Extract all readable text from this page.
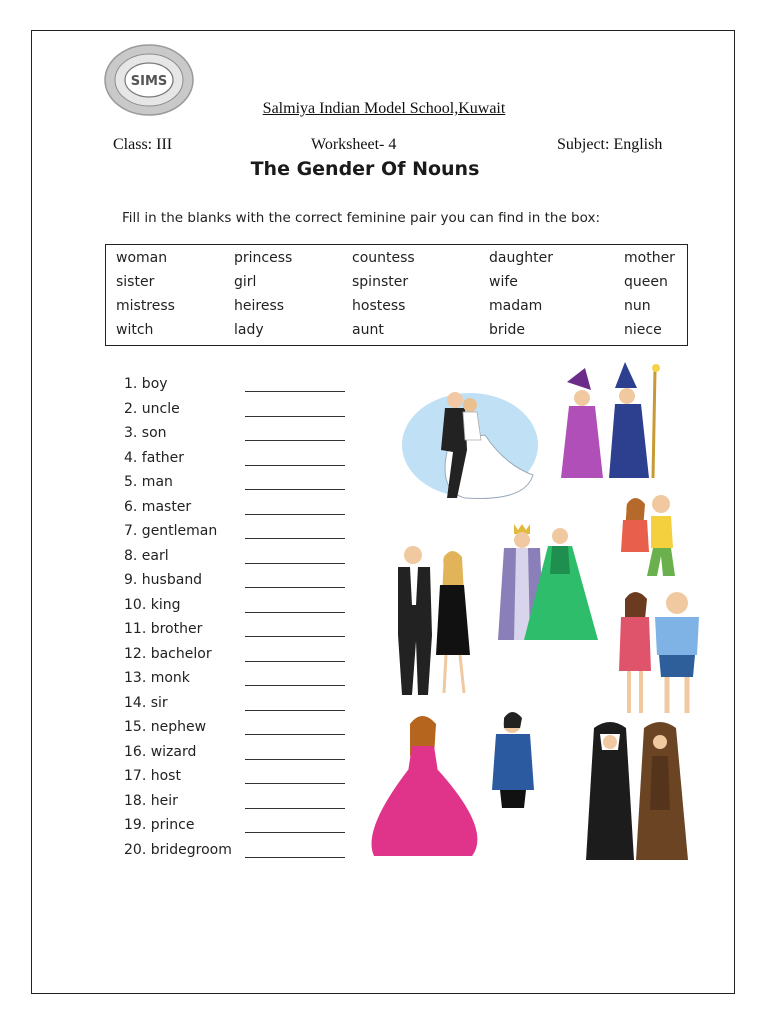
SIMS
Salmiya Indian Model School,Kuwait
Class: III	Worksheet- 4	Subject: English
The Gender Of Nouns
Fill in the blanks with the correct feminine pair you can find in the box:
woman	princess	countess	daughter	mother
sister	girl	spinster	wife	queen
mistress	heiress	hostess	madam	nun
witch	lady	aunt	bride	niece
1. boy
2. uncle
3. son
4. father
5. man
6. master
7. gentleman
8. earl
9. husband
10. king
11. brother
12. bachelor
13. monk
14. sir
15. nephew
16. wizard
17. host
18. heir
19. prince
20. bridegroom
